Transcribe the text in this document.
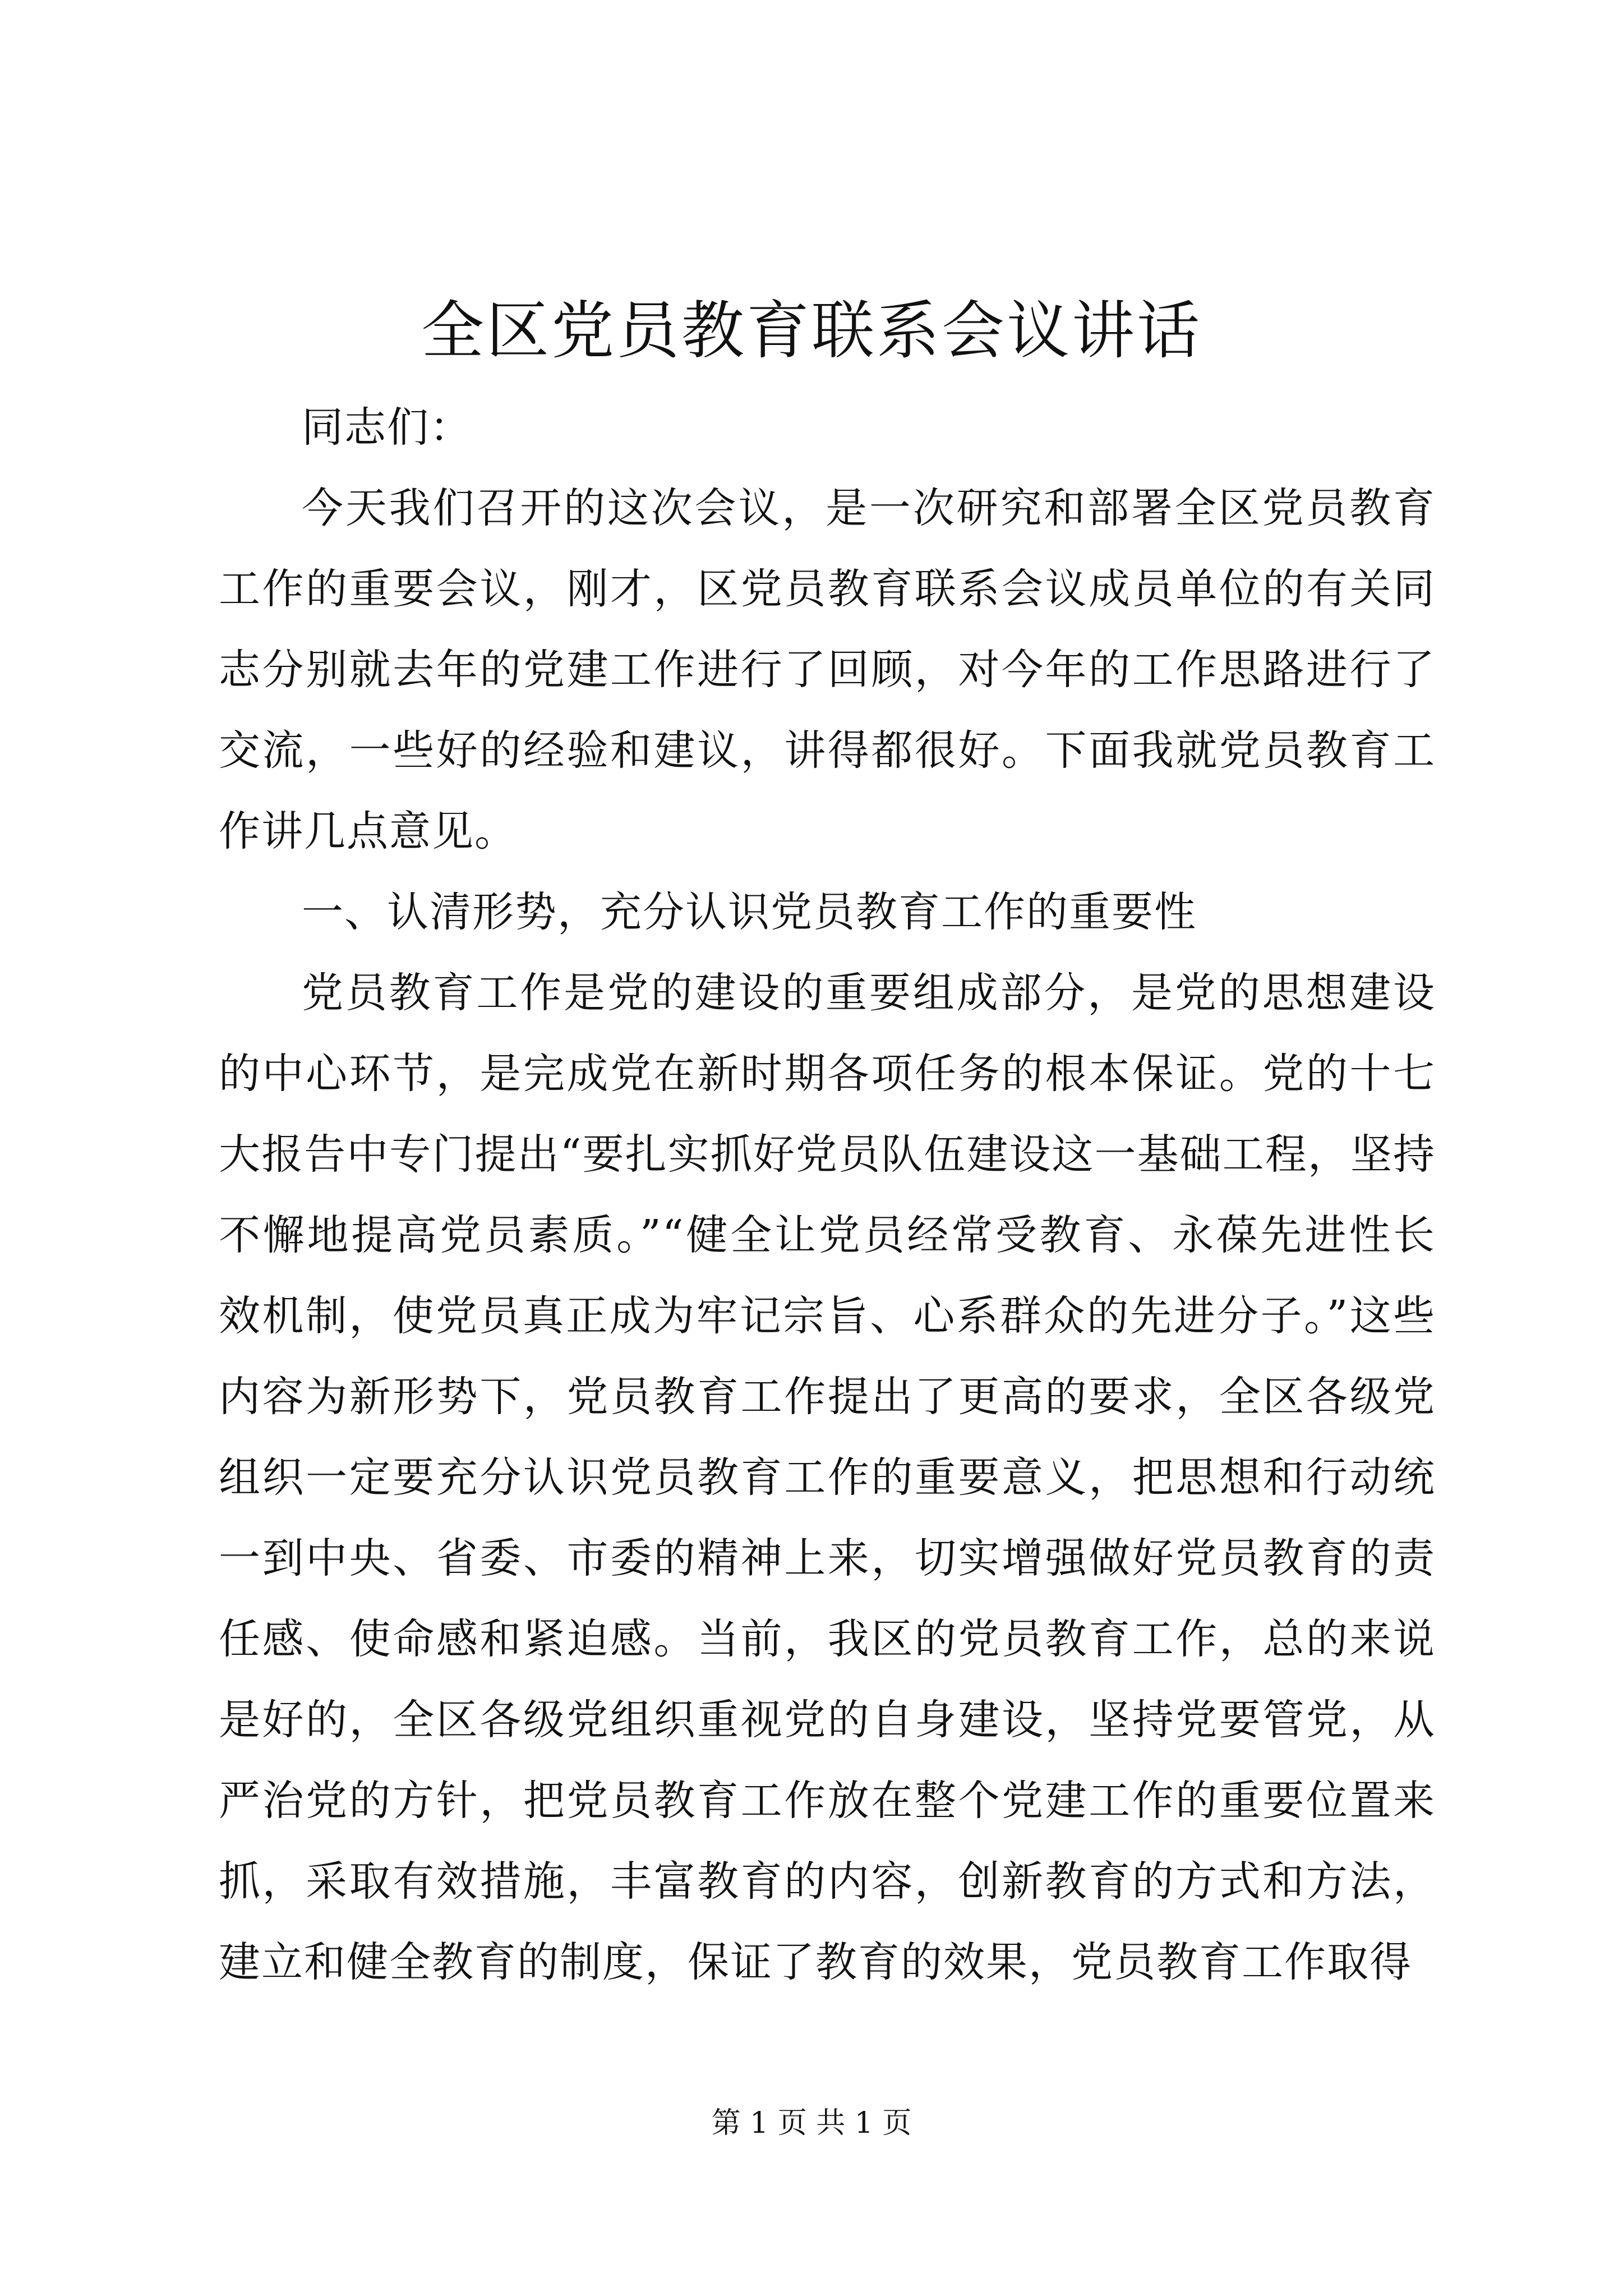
全区党员教育联系会议讲话

同志们：

今天我们召开的这次会议，是一次研究和部署全区党员教育工作的重要会议，刚才，区党员教育联系会议成员单位的有关同志分别就去年的党建工作进行了回顾，对今年的工作思路进行了交流，一些好的经验和建议，讲得都很好。下面我就党员教育工作讲几点意见。

一、认清形势，充分认识党员教育工作的重要性

党员教育工作是党的建设的重要组成部分，是党的思想建设的中心环节，是完成党在新时期各项任务的根本保证。党的十七大报告中专门提出“要扎实抓好党员队伍建设这一基础工程，坚持不懈地提高党员素质。”“健全让党员经常受教育、永葆先进性长效机制，使党员真正成为牢记宗旨、心系群众的先进分子。”这些内容为新形势下，党员教育工作提出了更高的要求，全区各级党组织一定要充分认识党员教育工作的重要意义，把思想和行动统一到中央、省委、市委的精神上来，切实增强做好党员教育的责任感、使命感和紧迫感。当前，我区的党员教育工作，总的来说是好的，全区各级党组织重视党的自身建设，坚持党要管党，从严治党的方针，把党员教育工作放在整个党建工作的重要位置来抓，采取有效措施，丰富教育的内容，创新教育的方式和方法，建立和健全教育的制度，保证了教育的效果，党员教育工作取得

第 1 页 共 1 页
